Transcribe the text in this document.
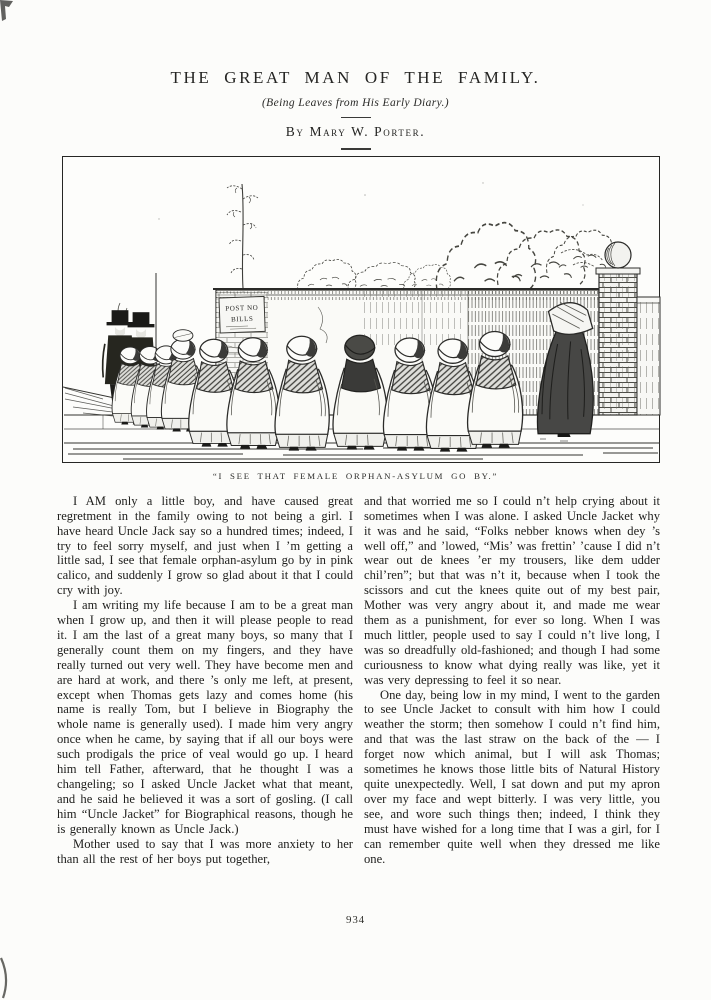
THE GREAT MAN OF THE FAMILY.
(Being Leaves from His Early Diary.)
By Mary W. Porter.
POST NO
BILLS
“I SEE THAT FEMALE ORPHAN-ASYLUM GO BY.”

I AM only a little boy, and have caused great regretment in the family owing to not being a girl. I have heard Uncle Jack say so a hundred times; indeed, I try to feel sorry myself, and just when I ’m getting a little sad, I see that female orphan-asylum go by in pink calico, and suddenly I grow so glad about it that I could cry with joy.

I am writing my life because I am to be a great man when I grow up, and then it will please people to read it. I am the last of a great many boys, so many that I generally count them on my fingers, and they have really turned out very well. They have become men and are hard at work, and there ’s only me left, at present, except when Thomas gets lazy and comes home (his name is really Tom, but I believe in Biography the whole name is generally used). I made him very angry once when he came, by saying that if all our boys were such prodigals the price of veal would go up. I heard him tell Father, afterward, that he thought I was a changeling; so I asked Uncle Jacket what that meant, and he said he believed it was a sort of gosling. (I call him “Uncle Jacket” for Biographical reasons, though he is generally known as Uncle Jack.)

Mother used to say that I was more anxiety to her than all the rest of her boys put together,

and that worried me so I could n’t help crying about it sometimes when I was alone. I asked Uncle Jacket why it was and he said, “Folks nebber knows when dey ’s well off,” and ’lowed, “Mis’ was frettin’ ’cause I did n’t wear out de knees ’er my trousers, like dem udder chil’ren”; but that was n’t it, because when I took the scissors and cut the knees quite out of my best pair, Mother was very angry about it, and made me wear them as a punishment, for ever so long. When I was much littler, people used to say I could n’t live long, I was so dreadfully old-fashioned; and though I had some curiousness to know what dying really was like, yet it was very depressing to feel it so near.

One day, being low in my mind, I went to the garden to see Uncle Jacket to consult with him how I could weather the storm; then somehow I could n’t find him, and that was the last straw on the back of the — I forget now which animal, but I will ask Thomas; sometimes he knows those little bits of Natural History quite unexpectedly. Well, I sat down and put my apron over my face and wept bitterly. I was very little, you see, and wore such things then; indeed, I think they must have wished for a long time that I was a girl, for I can remember quite well when they dressed me like one.

934
